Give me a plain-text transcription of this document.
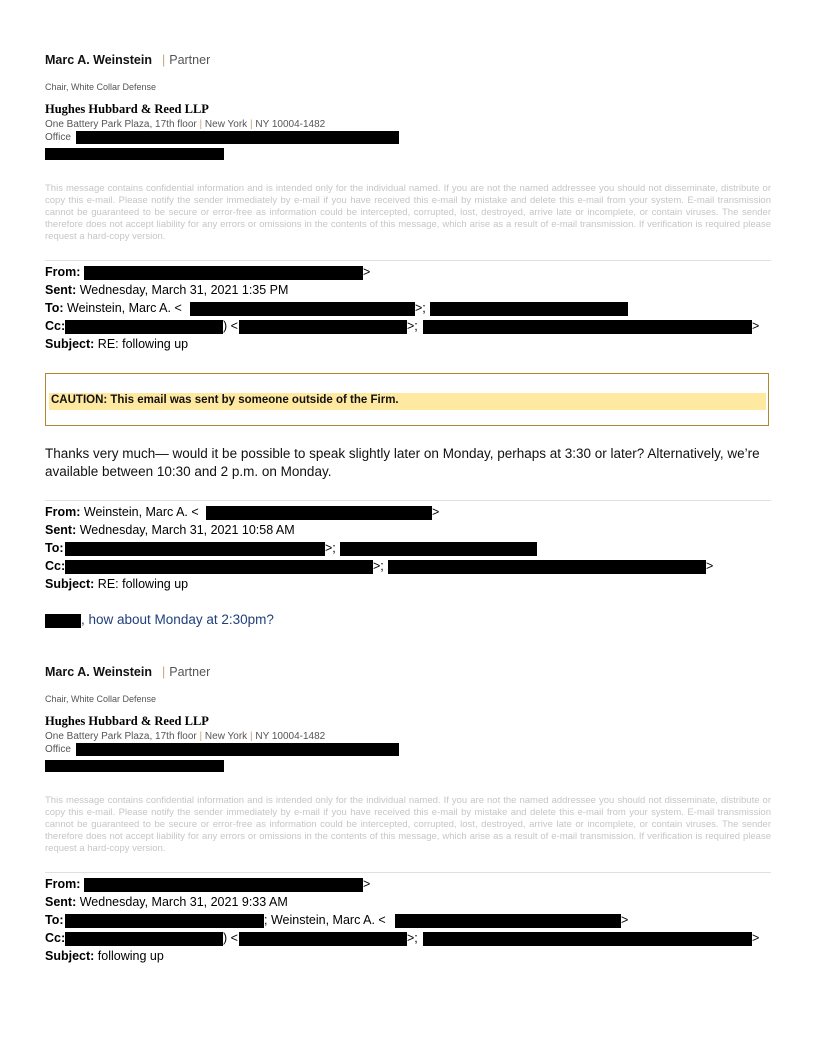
Marc A. Weinstein | Partner
Chair, White Collar Defense
Hughes Hubbard & Reed LLP
One Battery Park Plaza, 17th floor | New York | NY 10004-1482
Office
This message contains confidential information and is intended only for the individual named. If you are not the named addressee you should not disseminate, distribute or copy this e-mail. Please notify the sender immediately by e-mail if you have received this e-mail by mistake and delete this e-mail from your system. E-mail transmission cannot be guaranteed to be secure or error-free as information could be intercepted, corrupted, lost, destroyed, arrive late or incomplete, or contain viruses. The sender therefore does not accept liability for any errors or omissions in the contents of this message, which arise as a result of e-mail transmission. If verification is required please request a hard-copy version.
From:	>
Sent: Wednesday, March 31, 2021 1:35 PM
To: Weinstein, Marc A. <	>;
Cc:	) <	>;	>
Subject: RE: following up
CAUTION: This email was sent by someone outside of the Firm.
Thanks very much— would it be possible to speak slightly later on Monday, perhaps at 3:30 or later? Alternatively, we’re available between 10:30 and 2 p.m. on Monday.
From: Weinstein, Marc A. <	>
Sent: Wednesday, March 31, 2021 10:58 AM
To:	>;
Cc:	>;	>
Subject: RE: following up
, how about Monday at 2:30pm?
Marc A. Weinstein | Partner
Chair, White Collar Defense
Hughes Hubbard & Reed LLP
One Battery Park Plaza, 17th floor | New York | NY 10004-1482
Office
This message contains confidential information and is intended only for the individual named. If you are not the named addressee you should not disseminate, distribute or copy this e-mail. Please notify the sender immediately by e-mail if you have received this e-mail by mistake and delete this e-mail from your system. E-mail transmission cannot be guaranteed to be secure or error-free as information could be intercepted, corrupted, lost, destroyed, arrive late or incomplete, or contain viruses. The sender therefore does not accept liability for any errors or omissions in the contents of this message, which arise as a result of e-mail transmission. If verification is required please request a hard-copy version.
From:	>
Sent: Wednesday, March 31, 2021 9:33 AM
To:	; Weinstein, Marc A. <	>
Cc:	) <	>;	>
Subject: following up
